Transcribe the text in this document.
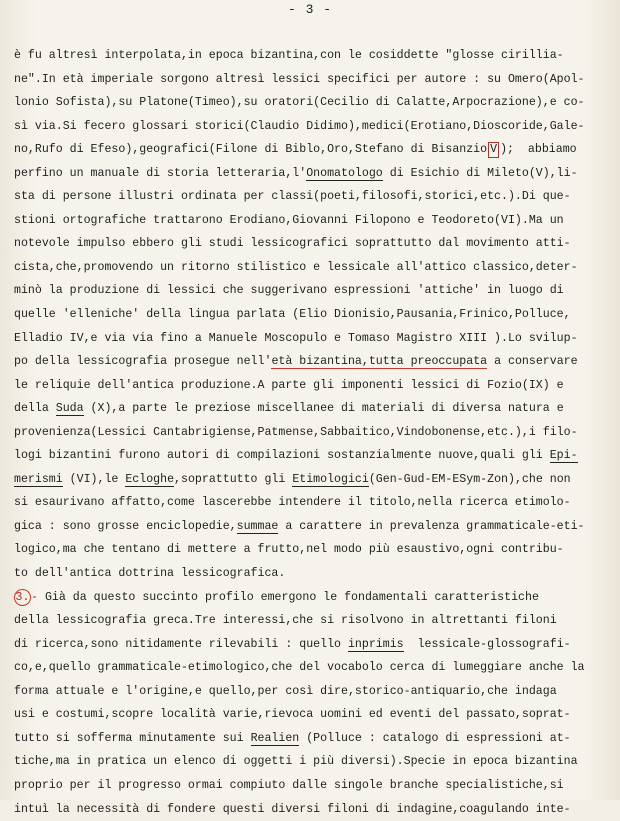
- 3 -
è fu altresì interpolata,in epoca bizantina,con le cosiddette "glosse cirillia-
ne".In età imperiale sorgono altresì lessici specifici per autore : su Omero(Apol-
lonio Sofista),su Platone(Timeo),su oratori(Cecilio di Calatte,Arpocrazione),e co-
sì via.Si fecero glossari storici(Claudio Didimo),medici(Erotiano,Dioscoride,Gale-
no,Rufo di Efeso),geografici(Filone di Biblo,Oro,Stefano di Bisanzio V );  abbiamo
perfino un manuale di storia letteraria,l'Onomatologo di Esichio di Mileto(V),li-
sta di persone illustri ordinata per classi(poeti,filosofi,storici,etc.).Di que-
stioni ortografiche trattarono Erodiano,Giovanni Filopono e Teodoreto(VI).Ma un
notevole impulso ebbero gli studi lessicografici soprattutto dal movimento atti-
cista,che,promovendo un ritorno stilistico e lessicale all'attico classico,deter-
minò la produzione di lessici che suggerivano espressioni 'attiche' in luogo di
quelle 'elleniche' della lingua parlata (Elio Dionisio,Pausania,Frinico,Polluce,
Elladio IV,e via via fino a Manuele Moscopulo e Tomaso Magistro XIII ).Lo svilup-
po della lessicografia prosegue nell'età bizantina,tutta preoccupata a conservare
le reliquie dell'antica produzione.A parte gli imponenti lessici di Fozio(IX) e
della Suda (X),a parte le preziose miscellanee di materiali di diversa natura e
provenienza(Lessici Cantabrigiense,Patmense,Sabbaitico,Vindobonense,etc.),i filo-
logi bizantini furono autori di compilazioni sostanzialmente nuove,quali gli Epi-
merismi (VI),le Ecloghe,soprattutto gli Etimologici(Gen-Gud-EM-ESym-Zon),che non
si esaurivano affatto,come lascerebbe intendere il titolo,nella ricerca etimolo-
gica : sono grosse enciclopedie,summae a carattere in prevalenza grammaticale-eti-
logico,ma che tentano di mettere a frutto,nel modo più esaustivo,ogni contribu-
to dell'antica dottrina lessicografica.
3. - Già da questo succinto profilo emergono le fondamentali caratteristiche
della lessicografia greca.Tre interessi,che si risolvono in altrettanti filoni
di ricerca,sono nitidamente rilevabili : quello inprimis  lessicale-glossografi-
co,e,quello grammaticale-etimologico,che del vocabolo cerca di lumeggiare anche la
forma attuale e l'origine,e quello,per così dire,storico-antiquario,che indaga
usi e costumi,scopre località varie,rievoca uomini ed eventi del passato,soprat-
tutto si sofferma minutamente sui Realien (Polluce : catalogo di espressioni at-
tiche,ma in pratica un elenco di oggetti i più diversi).Specie in epoca bizantina
proprio per il progresso ormai compiuto dalle singole branche specialistiche,si
intuì la necessità di fondere questi diversi filoni di indagine,coagulando inte-
